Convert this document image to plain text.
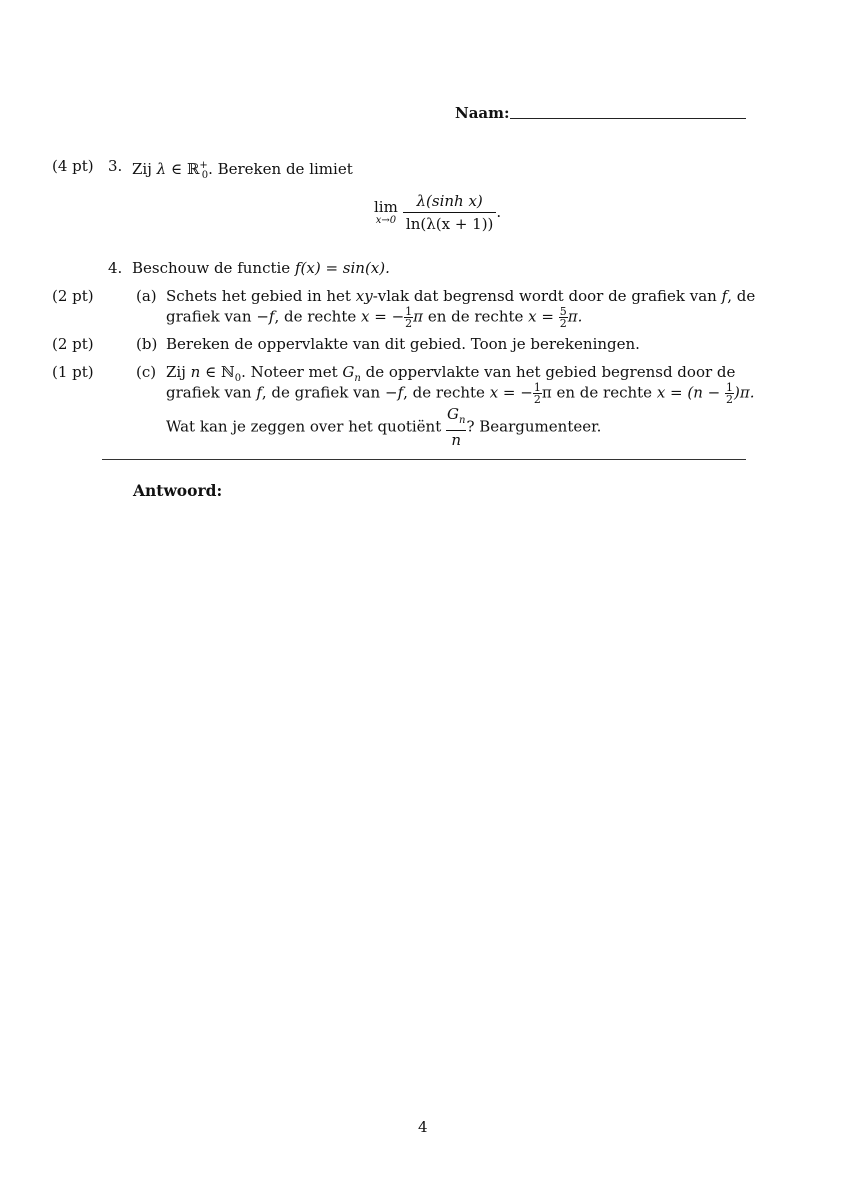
Naam:
(4 pt) 3. Zij λ ∈ ℝ+$_0$. Bereken de limiet
lim
x→0
$\frac{\text{λ(sinh x)}}{\ln(\lambda(x + 1))}$ .
4. Beschouw de functie f(x) = sin(x).
(2 pt)	(a) Schets het gebied in het xy-vlak dat begrensd wordt door de grafiek van f, de
grafiek van −f, de rechte x = − $\frac{1}{2}$ π en de rechte $x = \frac{5}{2} \pi$.
(2 pt)	(b) Bereken de oppervlakte van dit gebied. Toon je berekeningen.
(1 pt)	(c) Zij n ∈ ℕ$_0$. Noteer met $G_n$ de oppervlakte van het gebied begrensd door de
grafiek van f, de grafiek van −f, de rechte x = − $\frac{1}{2}$ π en de rechte $x = (n - \frac{1}{2} )\pi$.
Wat kan je zeggen over het quotiënt $\frac{G_n}{n}$ ? Beargumenteer.
Antwoord:
4
